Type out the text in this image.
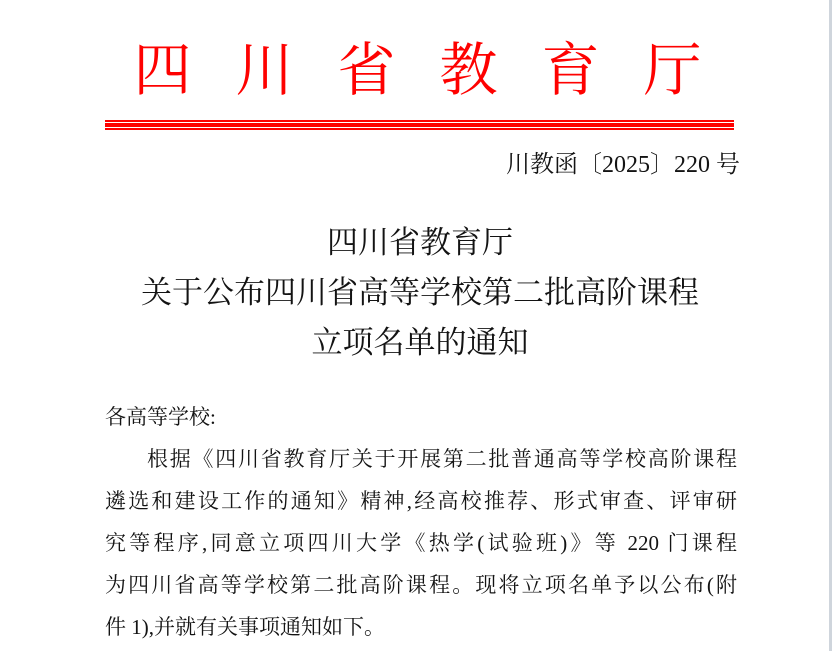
四川省教育厅
川教函〔2025〕220 号
四川省教育厅
关于公布四川省高等学校第二批高阶课程
立项名单的通知
各高等学校:
根据《四川省教育厅关于开展第二批普通高等学校高阶课程
遴选和建设工作的通知》精神,经高校推荐、形式审查、评审研
究等程序,同意立项四川大学《热学(试验班)》等 220 门课程
为四川省高等学校第二批高阶课程。现将立项名单予以公布(附
件 1),并就有关事项通知如下。
